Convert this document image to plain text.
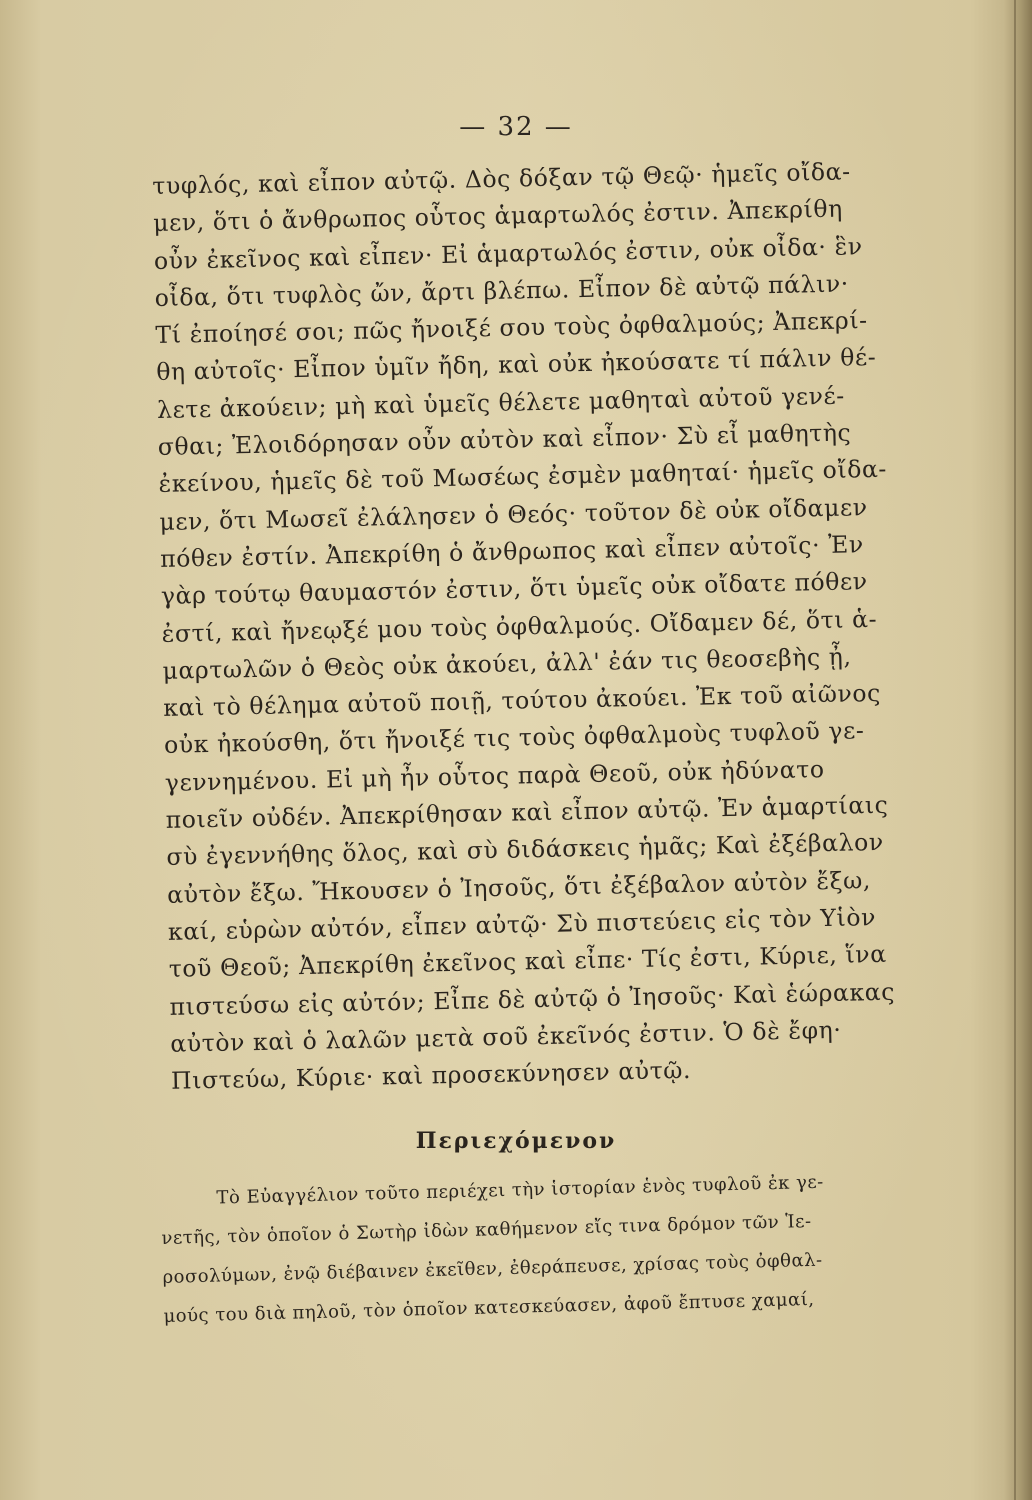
— 32 —
τυφλός, καὶ εἶπον αὐτῷ. Δὸς δόξαν τῷ Θεῷ· ἡμεῖς οἴδα-
μεν, ὅτι ὁ ἄνθρωπος οὗτος ἁμαρτωλός ἐστιν. Ἀπεκρίθη
οὖν ἐκεῖνος καὶ εἶπεν· Εἰ ἁμαρτωλός ἐστιν, οὐκ οἶδα· ἓν
οἶδα, ὅτι τυφλὸς ὤν, ἄρτι βλέπω. Εἶπον δὲ αὐτῷ πάλιν·
Τί ἐποίησέ σοι; πῶς ἤνοιξέ σου τοὺς ὀφθαλμούς; Ἀπεκρί-
θη αὐτοῖς· Εἶπον ὑμῖν ἤδη, καὶ οὐκ ἠκούσατε τί πάλιν θέ-
λετε ἀκούειν; μὴ καὶ ὑμεῖς θέλετε μαθηταὶ αὐτοῦ γενέ-
σθαι; Ἐλοιδόρησαν οὖν αὐτὸν καὶ εἶπον· Σὺ εἶ μαθητὴς
ἐκείνου, ἡμεῖς δὲ τοῦ Μωσέως ἐσμὲν μαθηταί· ἡμεῖς οἴδα-
μεν, ὅτι Μωσεῖ ἐλάλησεν ὁ Θεός· τοῦτον δὲ οὐκ οἴδαμεν
πόθεν ἐστίν. Ἀπεκρίθη ὁ ἄνθρωπος καὶ εἶπεν αὐτοῖς· Ἐν
γὰρ τούτῳ θαυμαστόν ἐστιν, ὅτι ὑμεῖς οὐκ οἴδατε πόθεν
ἐστί, καὶ ἤνεῳξέ μου τοὺς ὀφθαλμούς. Οἴδαμεν δέ, ὅτι ἁ-
μαρτωλῶν ὁ Θεὸς οὐκ ἀκούει, ἀλλ' ἐάν τις θεοσεβὴς ᾖ,
καὶ τὸ θέλημα αὐτοῦ ποιῇ, τούτου ἀκούει. Ἐκ τοῦ αἰῶνος
οὐκ ἠκούσθη, ὅτι ἤνοιξέ τις τοὺς ὀφθαλμοὺς τυφλοῦ γε-
γεννημένου. Εἰ μὴ ἦν οὗτος παρὰ Θεοῦ, οὐκ ἠδύνατο
ποιεῖν οὐδέν. Ἀπεκρίθησαν καὶ εἶπον αὐτῷ. Ἐν ἁμαρτίαις
σὺ ἐγεννήθης ὅλος, καὶ σὺ διδάσκεις ἡμᾶς; Καὶ ἐξέβαλον
αὐτὸν ἔξω. Ἤκουσεν ὁ Ἰησοῦς, ὅτι ἐξέβαλον αὐτὸν ἔξω,
καί, εὑρὼν αὐτόν, εἶπεν αὐτῷ· Σὺ πιστεύεις εἰς τὸν Υἱὸν
τοῦ Θεοῦ; Ἀπεκρίθη ἐκεῖνος καὶ εἶπε· Τίς ἐστι, Κύριε, ἵνα
πιστεύσω εἰς αὐτόν; Εἶπε δὲ αὐτῷ ὁ Ἰησοῦς· Καὶ ἑώρακας
αὐτὸν καὶ ὁ λαλῶν μετὰ σοῦ ἐκεῖνός ἐστιν. Ὁ δὲ ἔφη·
Πιστεύω, Κύριε· καὶ προσεκύνησεν αὐτῷ.
Περιεχόμενον
Τὸ Εὐαγγέλιον τοῦτο περιέχει τὴν ἱστορίαν ἑνὸς τυφλοῦ ἐκ γε-
νετῆς, τὸν ὁποῖον ὁ Σωτὴρ ἰδὼν καθήμενον εἴς τινα δρόμον τῶν Ἱε-
ροσολύμων, ἐνῷ διέβαινεν ἐκεῖθεν, ἐθεράπευσε, χρίσας τοὺς ὀφθαλ-
μούς του διὰ πηλοῦ, τὸν ὁποῖον κατεσκεύασεν, ἀφοῦ ἔπτυσε χαμαί,
